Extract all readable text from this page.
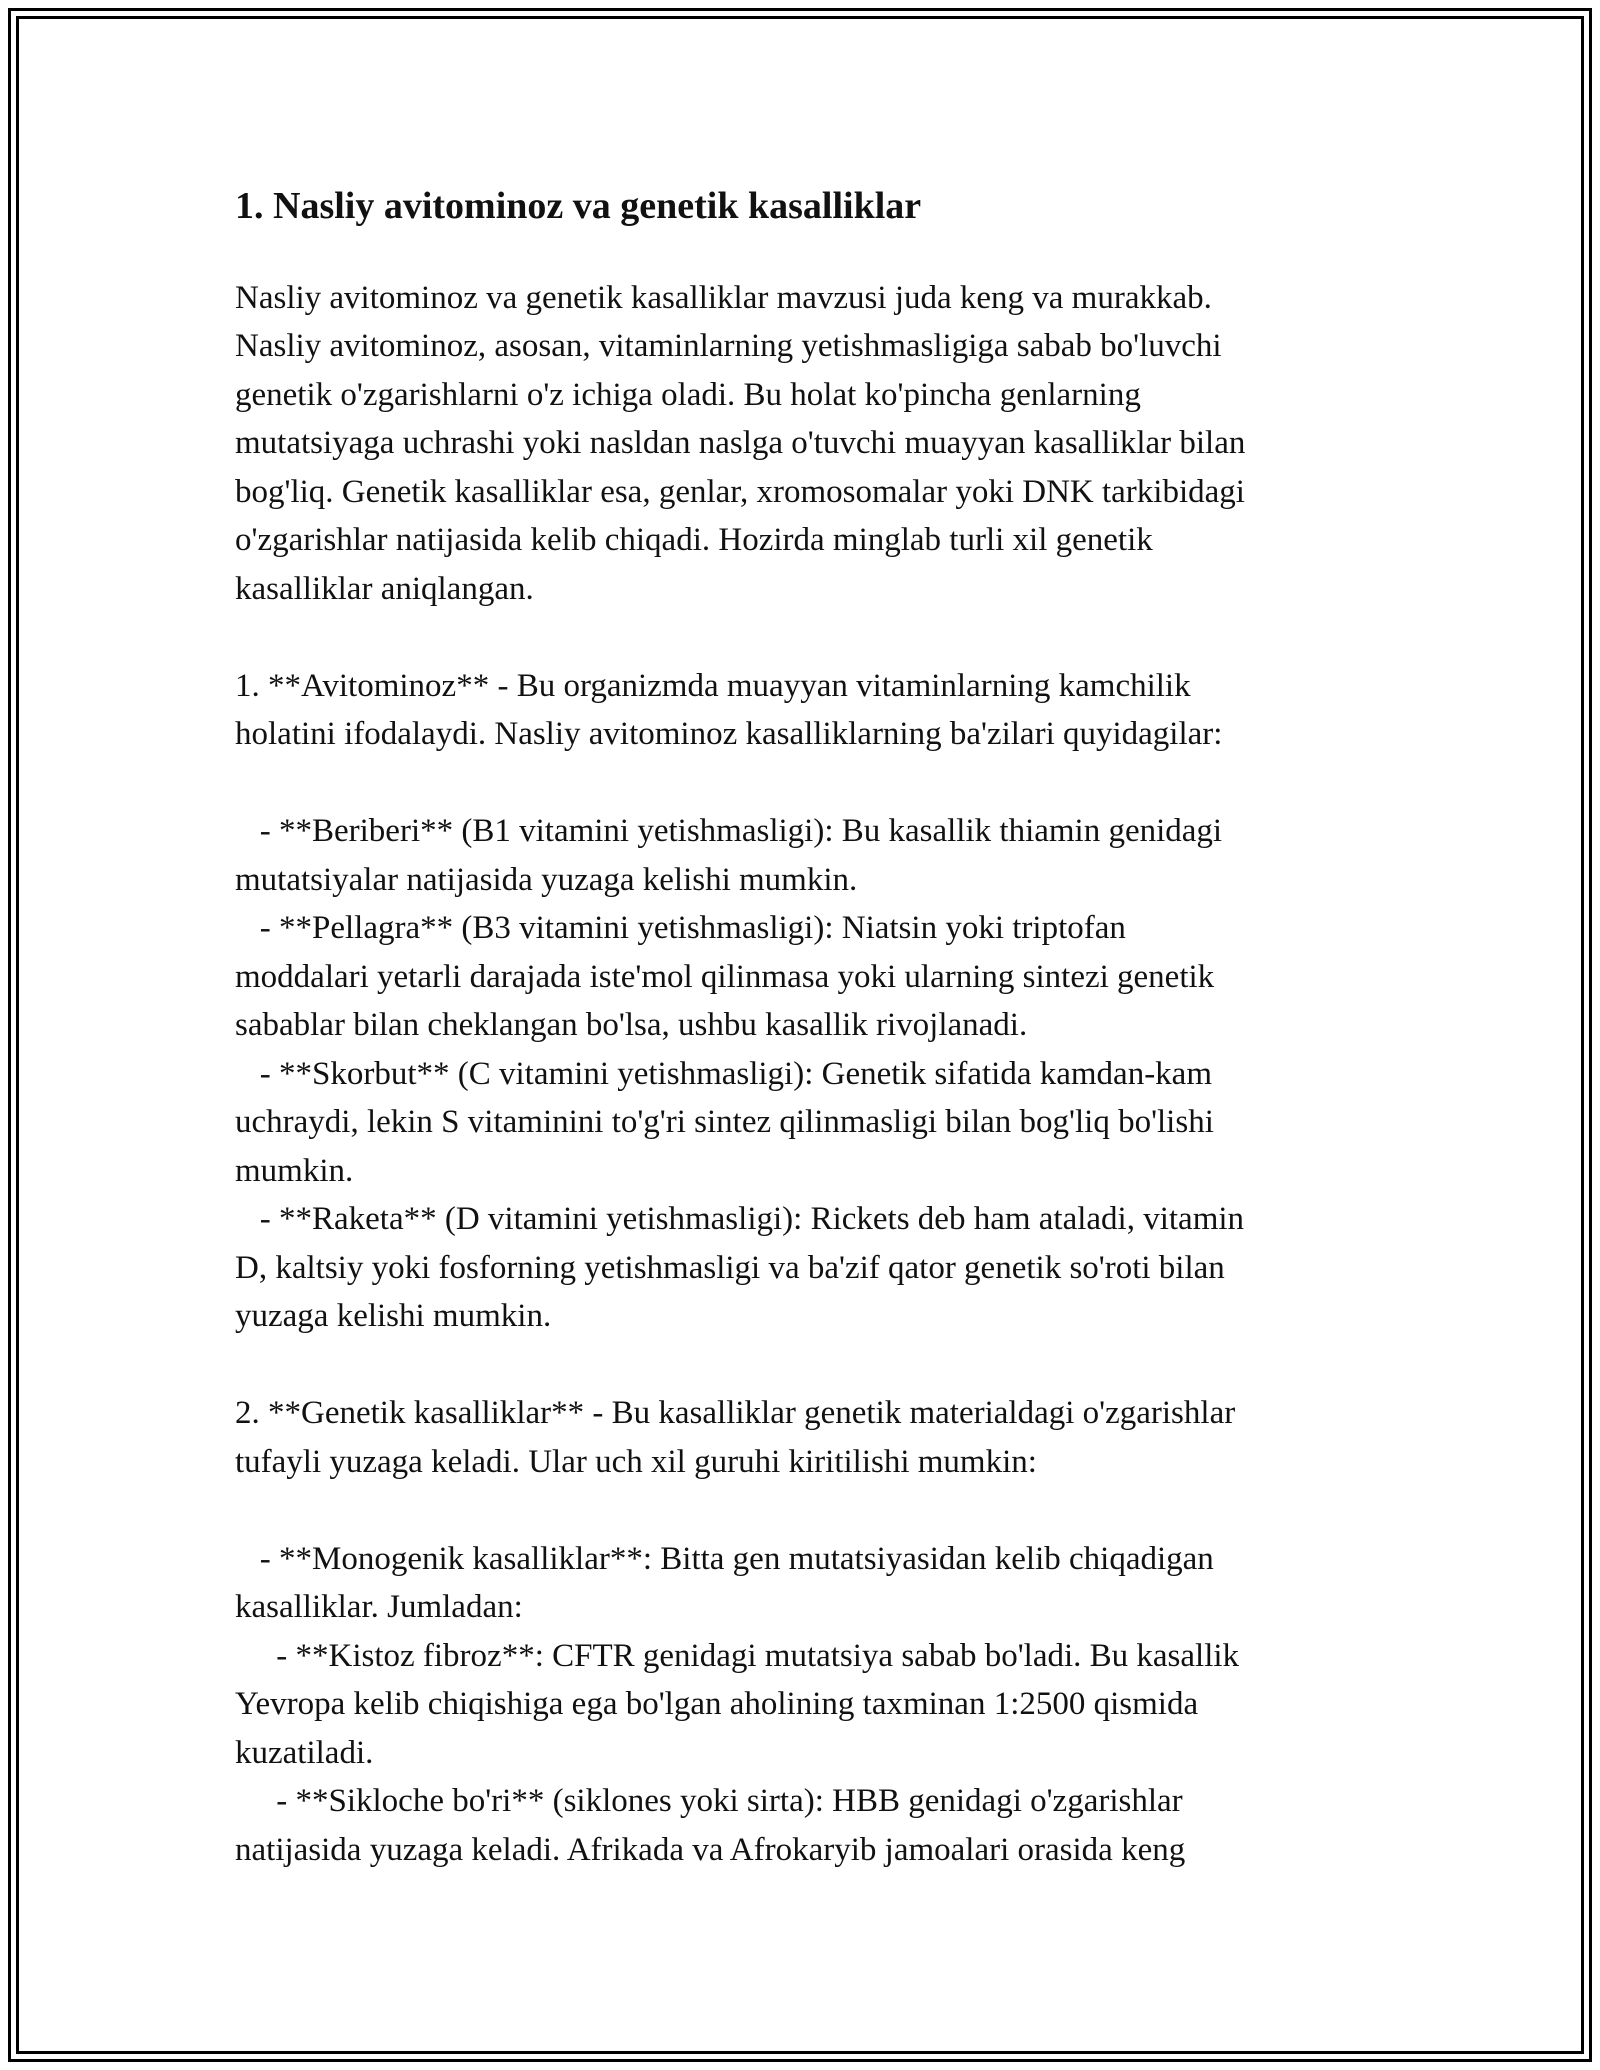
1. Nasliy avitominoz va genetik kasalliklar
Nasliy avitominoz va genetik kasalliklar mavzusi juda keng va murakkab.
Nasliy avitominoz, asosan, vitaminlarning yetishmasligiga sabab bo'luvchi
genetik o'zgarishlarni o'z ichiga oladi. Bu holat ko'pincha genlarning
mutatsiyaga uchrashi yoki nasldan naslga o'tuvchi muayyan kasalliklar bilan
bog'liq. Genetik kasalliklar esa, genlar, xromosomalar yoki DNK tarkibidagi
o'zgarishlar natijasida kelib chiqadi. Hozirda minglab turli xil genetik
kasalliklar aniqlangan.
1. **Avitominoz** - Bu organizmda muayyan vitaminlarning kamchilik
holatini ifodalaydi. Nasliy avitominoz kasalliklarning ba'zilari quyidagilar:
- **Beriberi** (B1 vitamini yetishmasligi): Bu kasallik thiamin genidagi
mutatsiyalar natijasida yuzaga kelishi mumkin.
- **Pellagra** (B3 vitamini yetishmasligi): Niatsin yoki triptofan
moddalari yetarli darajada iste'mol qilinmasa yoki ularning sintezi genetik
sabablar bilan cheklangan bo'lsa, ushbu kasallik rivojlanadi.
- **Skorbut** (C vitamini yetishmasligi): Genetik sifatida kamdan-kam
uchraydi, lekin S vitaminini to'g'ri sintez qilinmasligi bilan bog'liq bo'lishi
mumkin.
- **Raketa** (D vitamini yetishmasligi): Rickets deb ham ataladi, vitamin
D, kaltsiy yoki fosforning yetishmasligi va ba'zif qator genetik so'roti bilan
yuzaga kelishi mumkin.
2. **Genetik kasalliklar** - Bu kasalliklar genetik materialdagi o'zgarishlar
tufayli yuzaga keladi. Ular uch xil guruhi kiritilishi mumkin:
- **Monogenik kasalliklar**: Bitta gen mutatsiyasidan kelib chiqadigan
kasalliklar. Jumladan:
- **Kistoz fibroz**: CFTR genidagi mutatsiya sabab bo'ladi. Bu kasallik
Yevropa kelib chiqishiga ega bo'lgan aholining taxminan 1:2500 qismida
kuzatiladi.
- **Sikloche bo'ri** (siklones yoki sirta): HBB genidagi o'zgarishlar
natijasida yuzaga keladi. Afrikada va Afrokaryib jamoalari orasida keng
